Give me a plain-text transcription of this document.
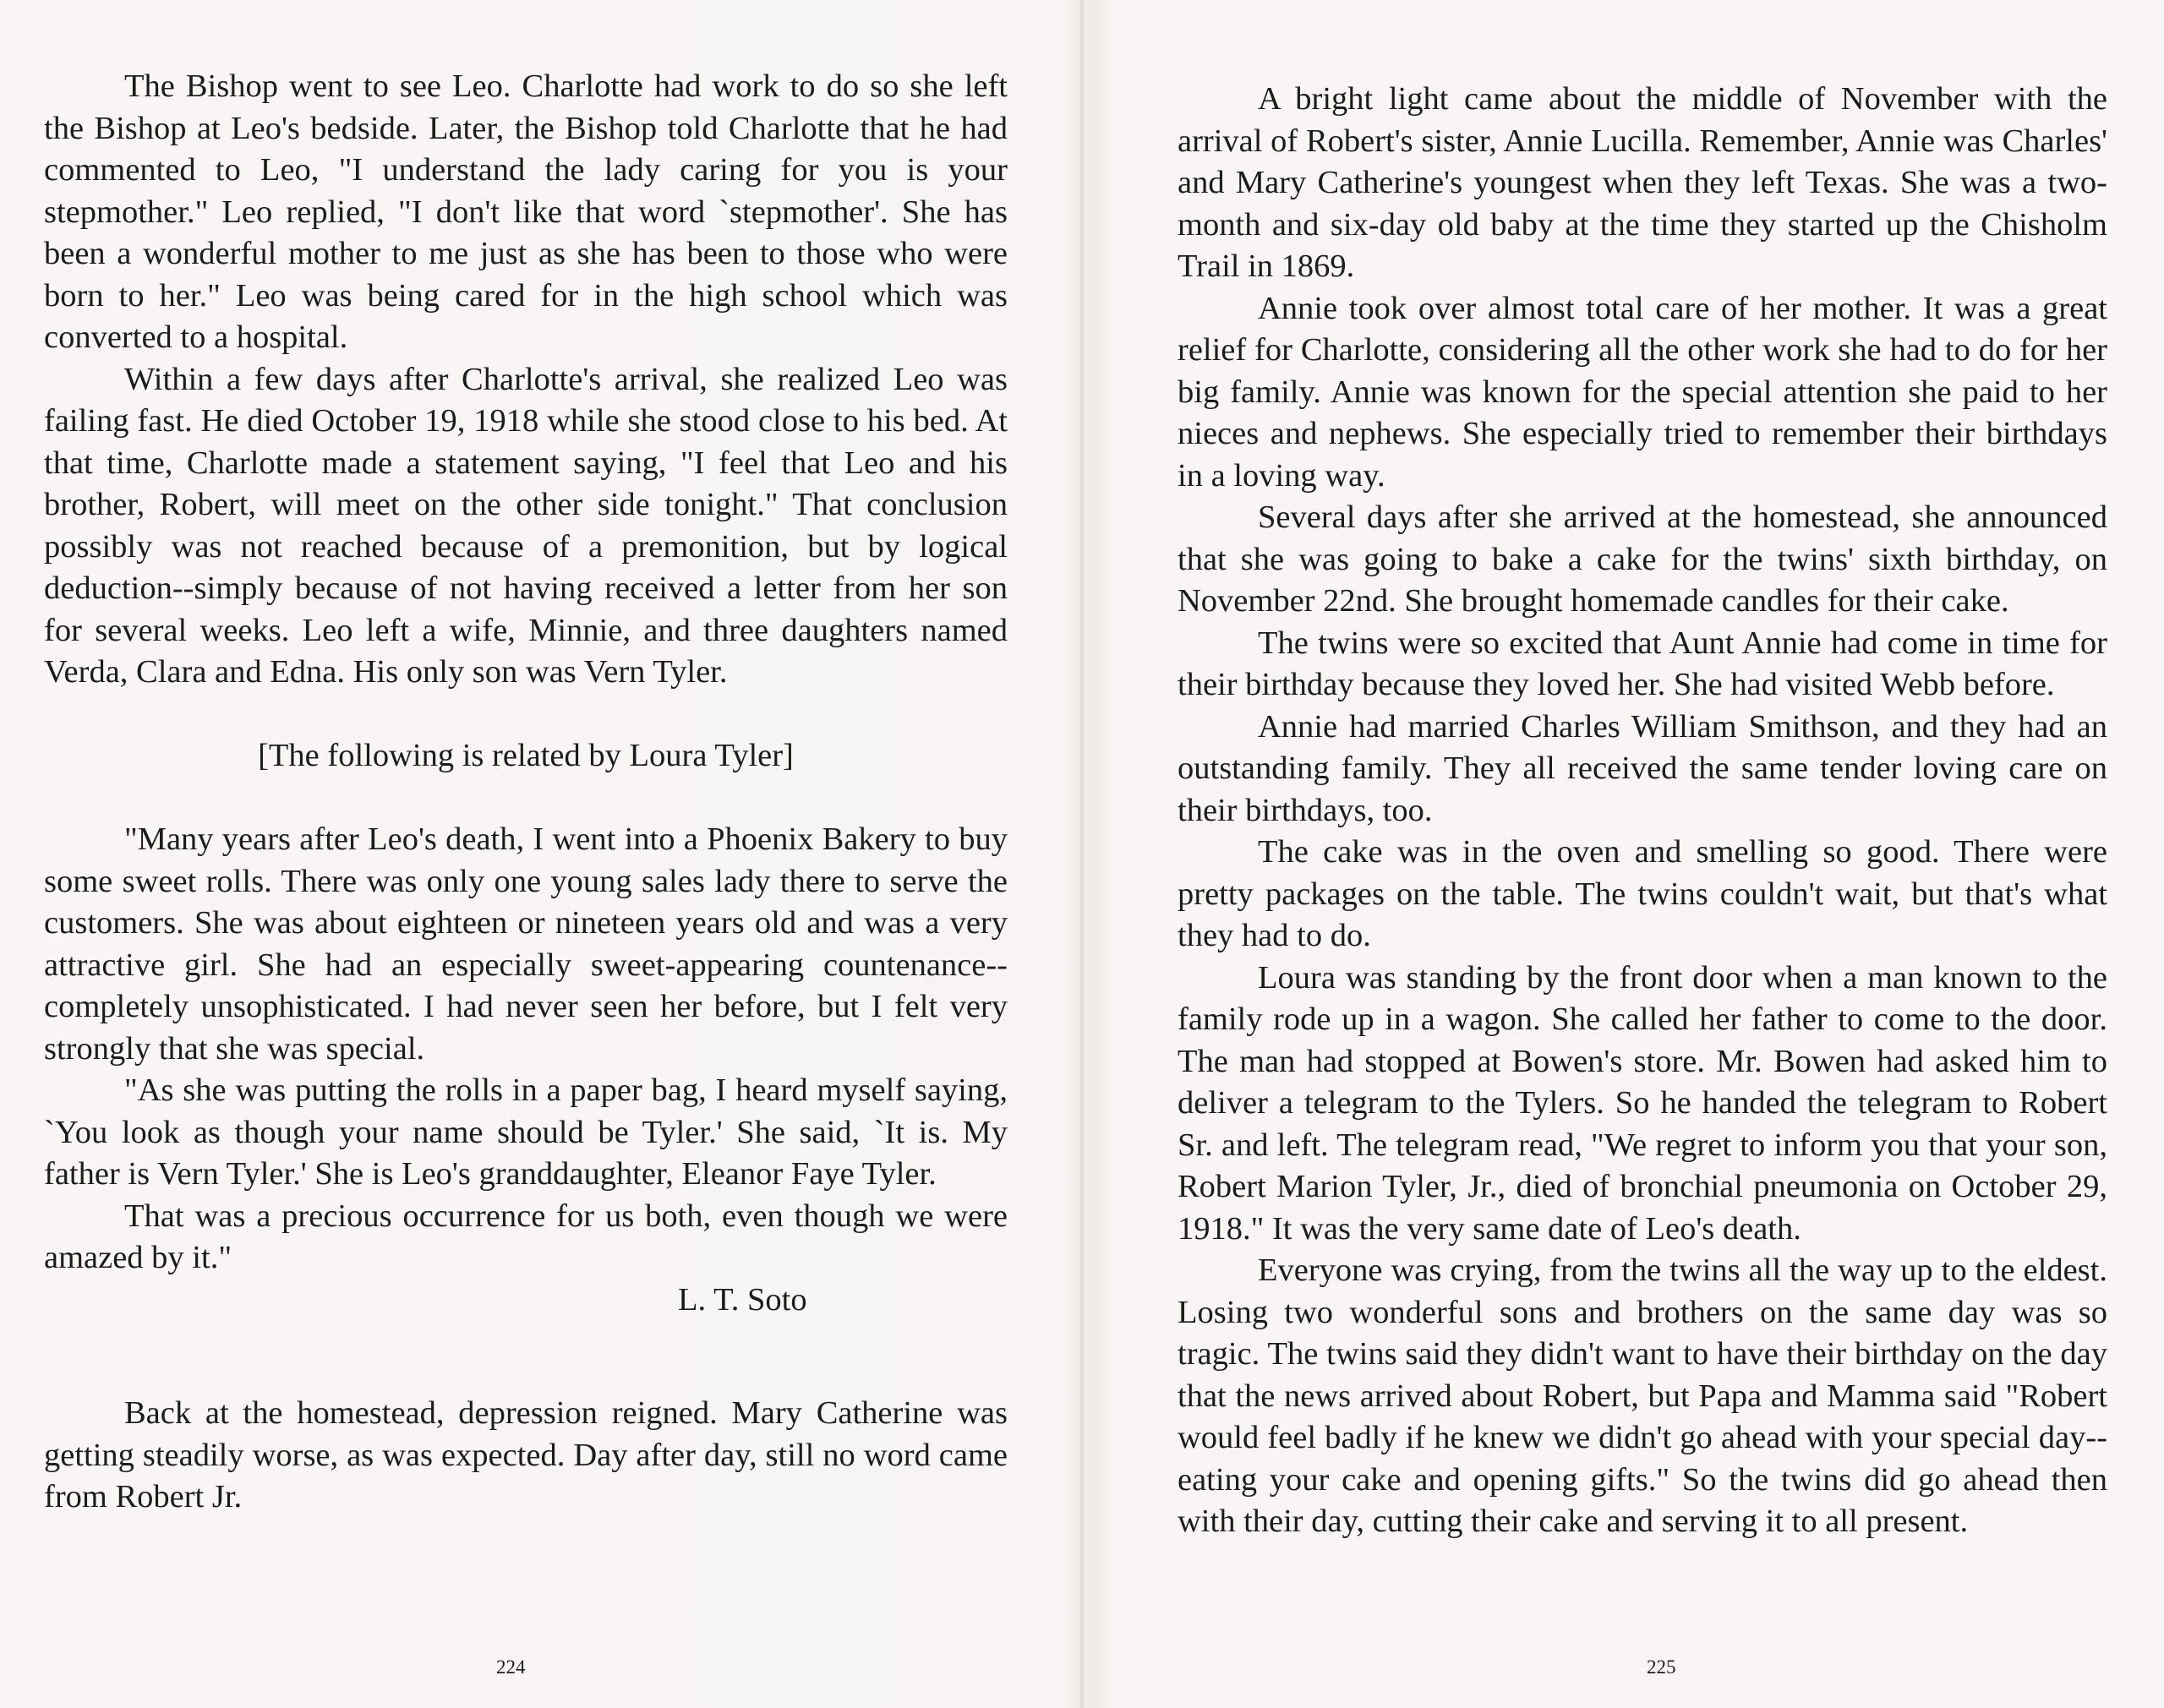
The Bishop went to see Leo. Charlotte had work to do so she left the Bishop at Leo's bedside. Later, the Bishop told Charlotte that he had commented to Leo, "I understand the lady caring for you is your stepmother." Leo replied, "I don't like that word `stepmother'. She has been a wonderful mother to me just as she has been to those who were born to her." Leo was being cared for in the high school which was converted to a hospital.

Within a few days after Charlotte's arrival, she realized Leo was failing fast. He died October 19, 1918 while she stood close to his bed. At that time, Charlotte made a statement saying, "I feel that Leo and his brother, Robert, will meet on the other side tonight." That conclusion possibly was not reached because of a premonition, but by logical deduction--simply because of not having received a letter from her son for several weeks. Leo left a wife, Minnie, and three daughters named Verda, Clara and Edna. His only son was Vern Tyler.

[The following is related by Loura Tyler]

"Many years after Leo's death, I went into a Phoenix Bakery to buy some sweet rolls. There was only one young sales lady there to serve the customers. She was about eighteen or nineteen years old and was a very attractive girl. She had an especially sweet-appearing countenance--completely unsophisticated. I had never seen her before, but I felt very strongly that she was special.

"As she was putting the rolls in a paper bag, I heard myself saying, `You look as though your name should be Tyler.' She said, `It is. My father is Vern Tyler.' She is Leo's granddaughter, Eleanor Faye Tyler.

That was a precious occurrence for us both, even though we were amazed by it."

L. T. Soto

Back at the homestead, depression reigned. Mary Catherine was getting steadily worse, as was expected. Day after day, still no word came from Robert Jr.

224

A bright light came about the middle of November with the arrival of Robert's sister, Annie Lucilla. Remember, Annie was Charles' and Mary Catherine's youngest when they left Texas. She was a two-month and six-day old baby at the time they started up the Chisholm Trail in 1869.

Annie took over almost total care of her mother. It was a great relief for Charlotte, considering all the other work she had to do for her big family. Annie was known for the special attention she paid to her nieces and nephews. She especially tried to remember their birthdays in a loving way.

Several days after she arrived at the homestead, she announced that she was going to bake a cake for the twins' sixth birthday, on November 22nd. She brought homemade candles for their cake.

The twins were so excited that Aunt Annie had come in time for their birthday because they loved her. She had visited Webb before.

Annie had married Charles William Smithson, and they had an outstanding family. They all received the same tender loving care on their birthdays, too.

The cake was in the oven and smelling so good. There were pretty packages on the table. The twins couldn't wait, but that's what they had to do.

Loura was standing by the front door when a man known to the family rode up in a wagon. She called her father to come to the door. The man had stopped at Bowen's store. Mr. Bowen had asked him to deliver a telegram to the Tylers. So he handed the telegram to Robert Sr. and left. The telegram read, "We regret to inform you that your son, Robert Marion Tyler, Jr., died of bronchial pneumonia on October 29, 1918." It was the very same date of Leo's death.

Everyone was crying, from the twins all the way up to the eldest. Losing two wonderful sons and brothers on the same day was so tragic. The twins said they didn't want to have their birthday on the day that the news arrived about Robert, but Papa and Mamma said "Robert would feel badly if he knew we didn't go ahead with your special day--eating your cake and opening gifts." So the twins did go ahead then with their day, cutting their cake and serving it to all present.

225
